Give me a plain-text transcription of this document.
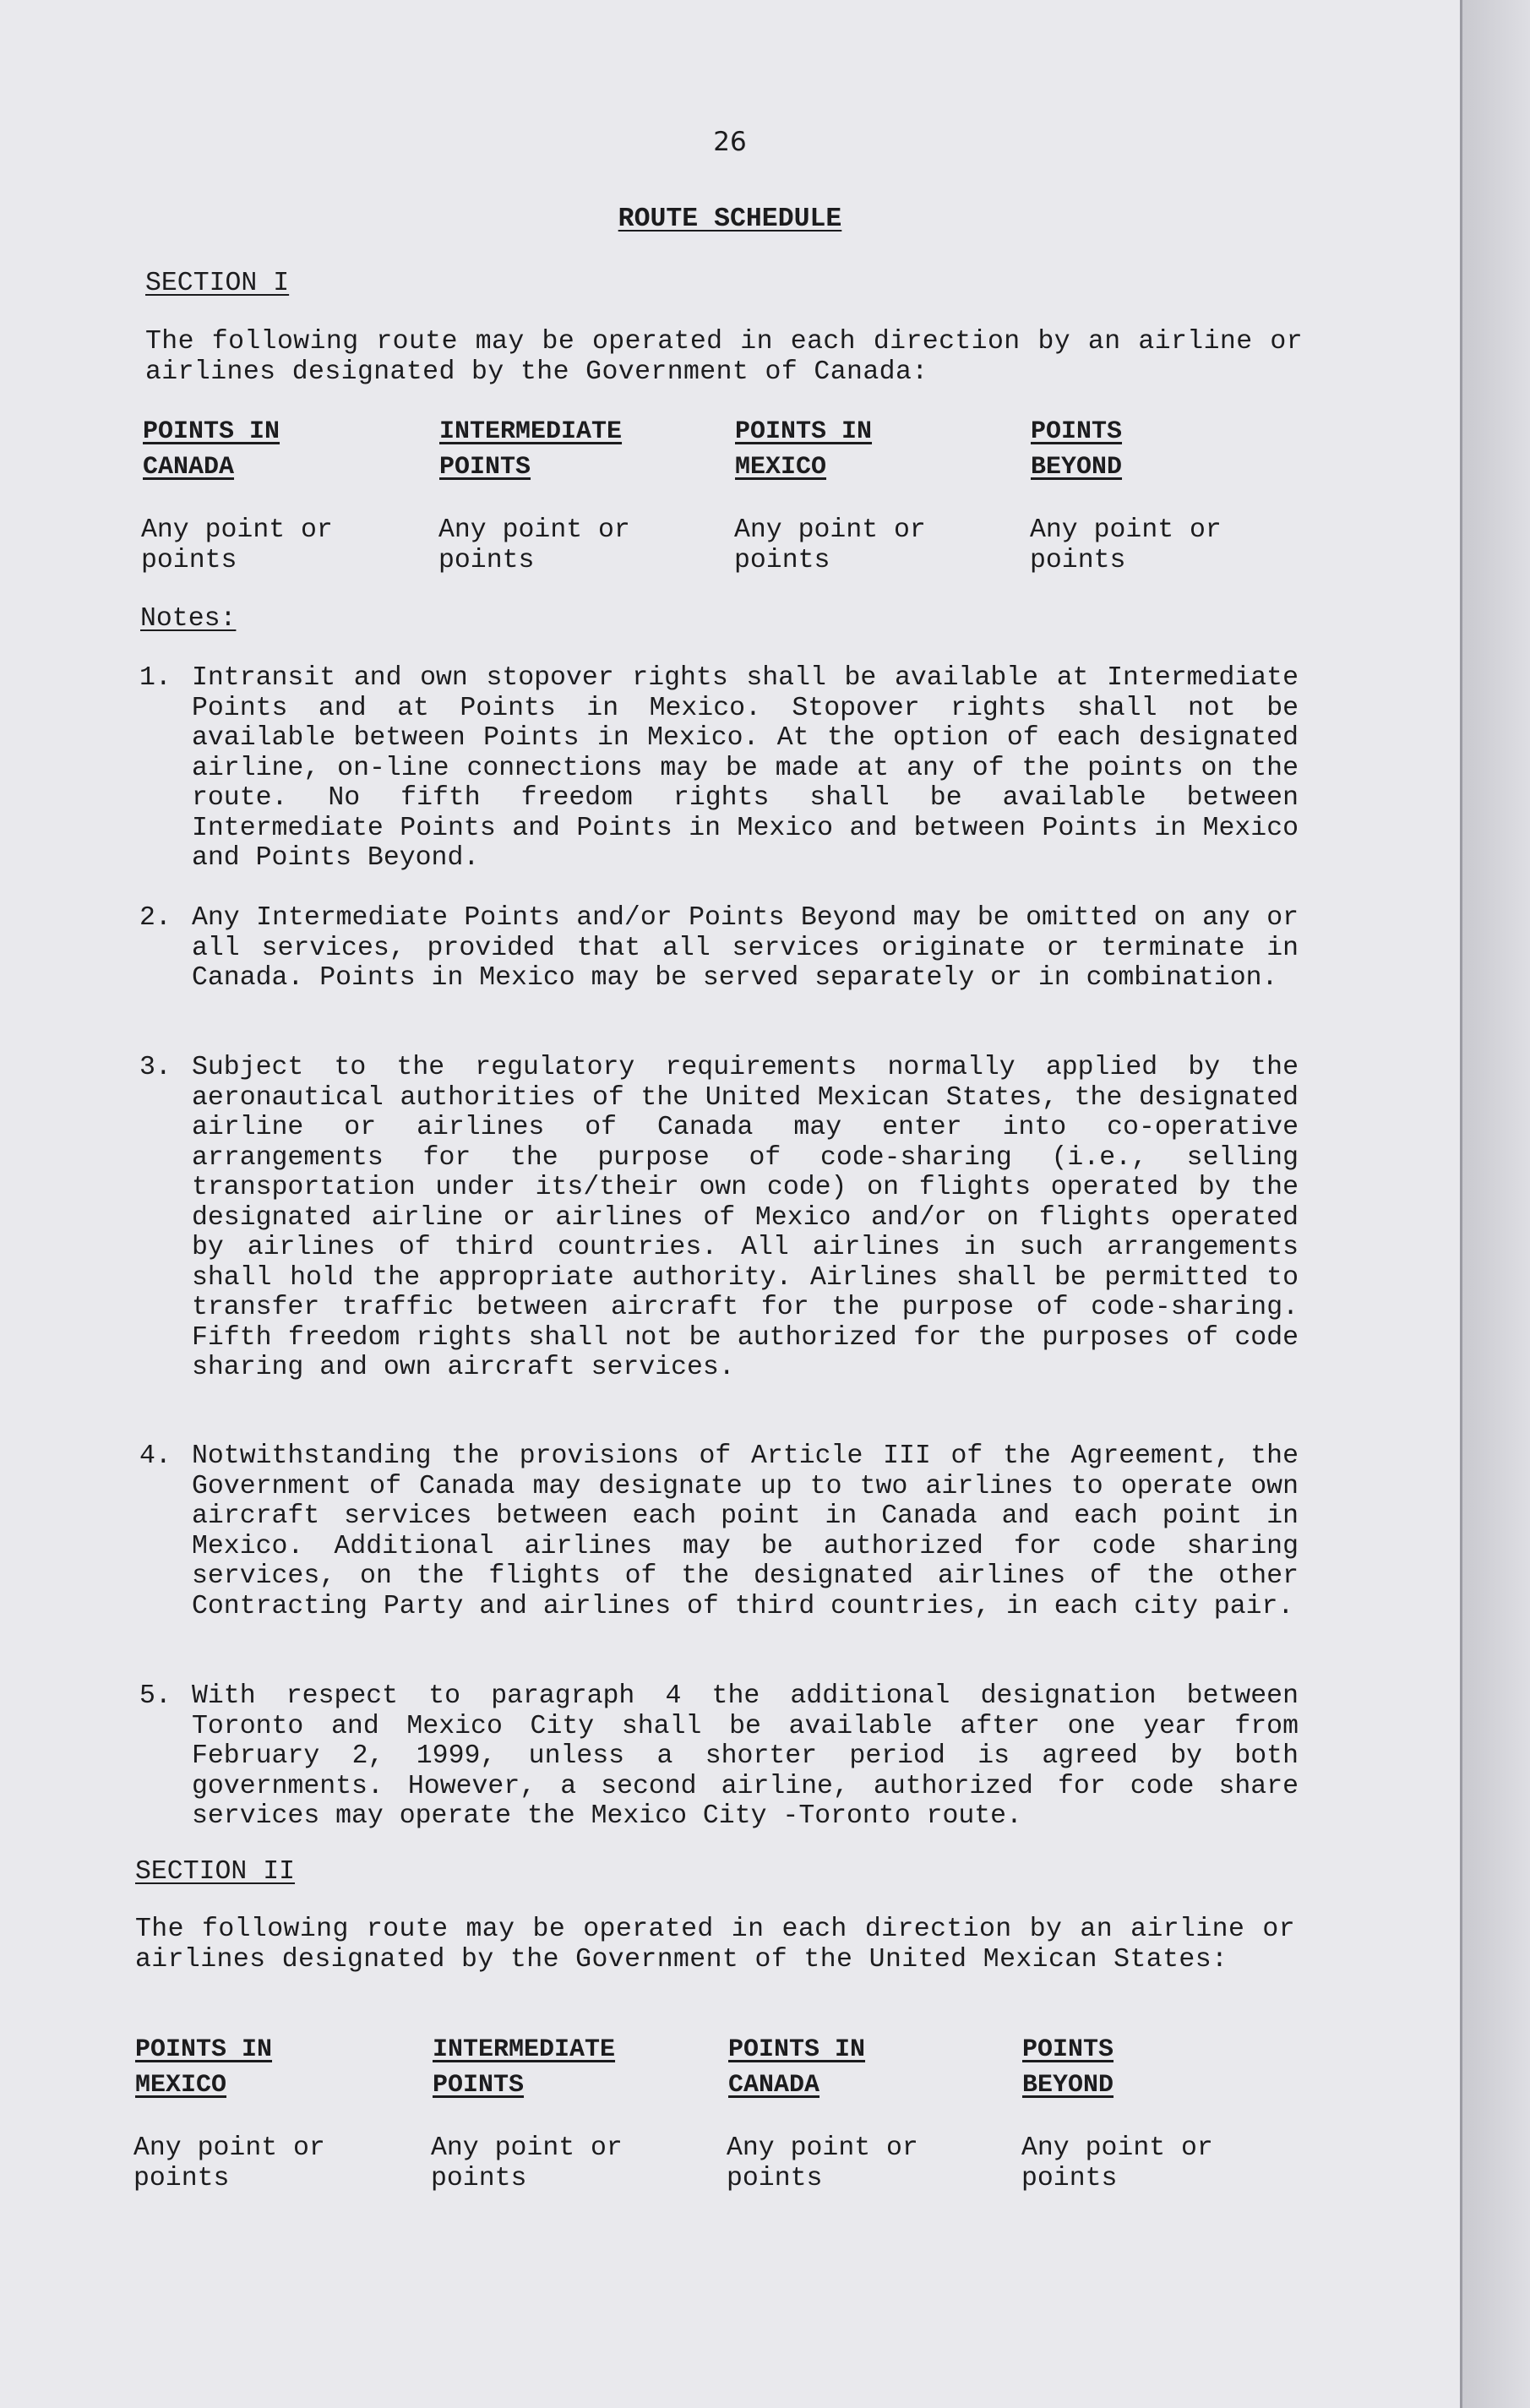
26
ROUTE SCHEDULE
SECTION I
The following route may be operated in each direction by an airline or airlines designated by the Government of Canada:
POINTS IN
CANADA
INTERMEDIATE
POINTS
POINTS IN
MEXICO
POINTS
BEYOND
Any point or points
Any point or points
Any point or points
Any point or points
Notes:
1. Intransit and own stopover rights shall be available at Intermediate Points and at Points in Mexico. Stopover rights shall not be available between Points in Mexico. At the option of each designated airline, on-line connections may be made at any of the points on the route. No fifth freedom rights shall be available between Intermediate Points and Points in Mexico and between Points in Mexico and Points Beyond.
2. Any Intermediate Points and/or Points Beyond may be omitted on any or all services, provided that all services originate or terminate in Canada. Points in Mexico may be served separately or in combination.
3. Subject to the regulatory requirements normally applied by the aeronautical authorities of the United Mexican States, the designated airline or airlines of Canada may enter into co-operative arrangements for the purpose of code-sharing (i.e., selling transportation under its/their own code) on flights operated by the designated airline or airlines of Mexico and/or on flights operated by airlines of third countries. All airlines in such arrangements shall hold the appropriate authority. Airlines shall be permitted to transfer traffic between aircraft for the purpose of code-sharing. Fifth freedom rights shall not be authorized for the purposes of code sharing and own aircraft services.
4. Notwithstanding the provisions of Article III of the Agreement, the Government of Canada may designate up to two airlines to operate own aircraft services between each point in Canada and each point in Mexico. Additional airlines may be authorized for code sharing services, on the flights of the designated airlines of the other Contracting Party and airlines of third countries, in each city pair.
5. With respect to paragraph 4 the additional designation between Toronto and Mexico City shall be available after one year from February 2, 1999, unless a shorter period is agreed by both governments. However, a second airline, authorized for code share services may operate the Mexico City -Toronto route.
SECTION II
The following route may be operated in each direction by an airline or airlines designated by the Government of the United Mexican States:
POINTS IN
MEXICO
INTERMEDIATE
POINTS
POINTS IN
CANADA
POINTS
BEYOND
Any point or points
Any point or points
Any point or points
Any point or points
